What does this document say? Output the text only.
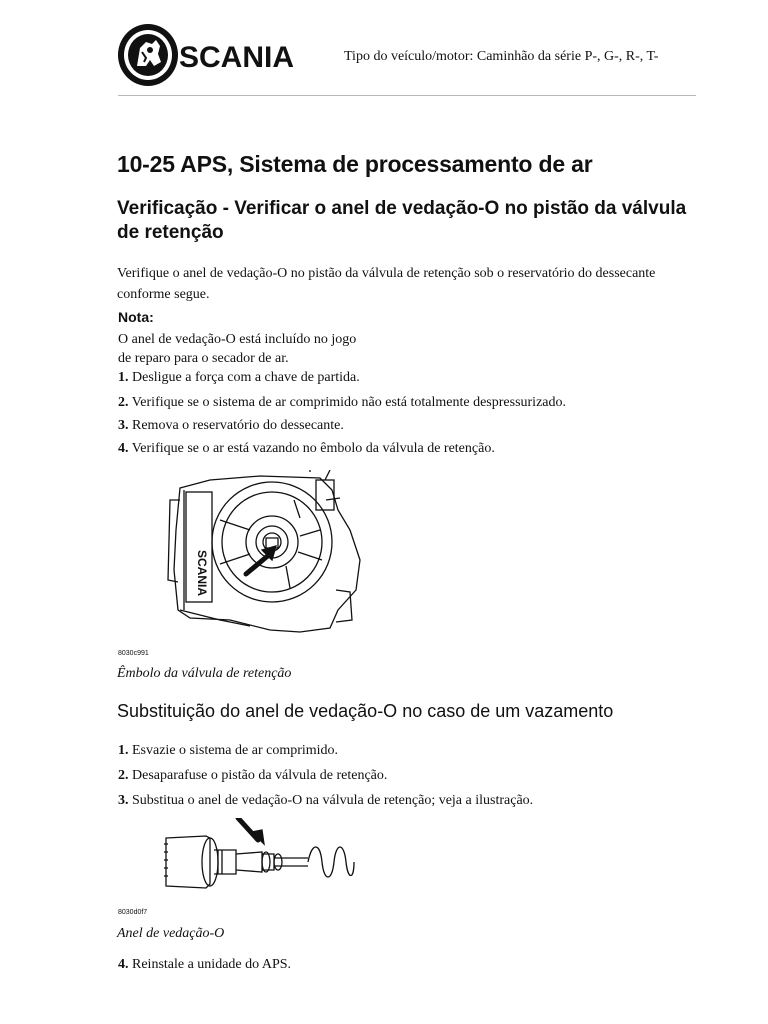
SCANIA	Tipo do veículo/motor: Caminhão da série P-, G-, R-, T-
10-25 APS, Sistema de processamento de ar
Verificação - Verificar o anel de vedação-O no pistão da válvula de retenção
Verifique o anel de vedação-O no pistão da válvula de retenção sob o reservatório do dessecante conforme segue.
Nota:
O anel de vedação-O está incluído no jogo
de reparo para o secador de ar.
1. Desligue a força com a chave de partida.
2. Verifique se o sistema de ar comprimido não está totalmente despressurizado.
3. Remova o reservatório do dessecante.
4. Verifique se o ar está vazando no êmbolo da válvula de retenção.
SCANIA
8030c991
Êmbolo da válvula de retenção
Substituição do anel de vedação-O no caso de um vazamento
1. Esvazie o sistema de ar comprimido.
2. Desaparafuse o pistão da válvula de retenção.
3. Substitua o anel de vedação-O na válvula de retenção; veja a ilustração.
8030d0f7
Anel de vedação-O
4. Reinstale a unidade do APS.
